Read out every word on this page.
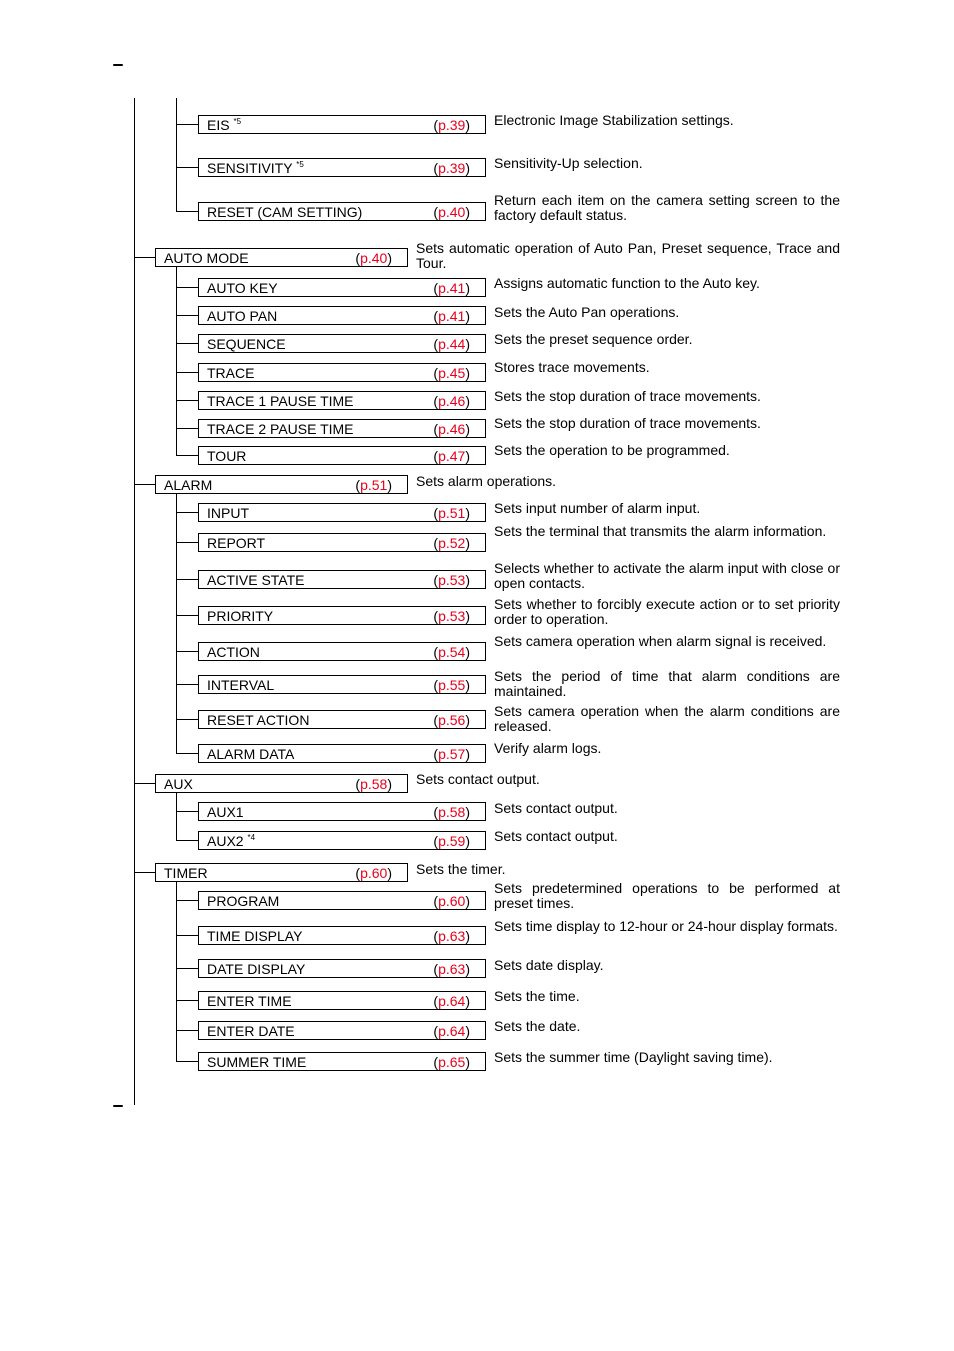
EIS $^{*5}$	(p.39) Electronic Image Stabilization settings.
SENSITIVITY $^{*5}$	(p.39) Sensitivity-Up selection.
RESET (CAM SETTING)	(p.40)
Return each item on the camera setting screen to the factory default status.
AUTO MODE	(p.40)
Sets automatic operation of Auto Pan, Preset sequence, Trace and Tour.
AUTO KEY	(p.41) Assigns automatic function to the Auto key.
AUTO PAN	(p.41) Sets the Auto Pan operations.
SEQUENCE	(p.44) Sets the preset sequence order.
TRACE	(p.45) Stores trace movements.
TRACE 1 PAUSE TIME	(p.46) Sets the stop duration of trace movements.
TRACE 2 PAUSE TIME	(p.46) Sets the stop duration of trace movements.
TOUR	(p.47) Sets the operation to be programmed.
ALARM	(p.51) Sets alarm operations.
INPUT	(p.51) Sets input number of alarm input.
REPORT	(p.52)
Sets the terminal that transmits the alarm information.
ACTIVE STATE	(p.53)
Selects whether to activate the alarm input with close or open contacts.
PRIORITY	(p.53)
Sets whether to forcibly execute action or to set priority order to operation.
ACTION	(p.54)
Sets camera operation when alarm signal is received.
INTERVAL	(p.55)
Sets the period of time that alarm conditions are maintained.
RESET ACTION	(p.56)
Sets camera operation when the alarm conditions are released.
ALARM DATA	(p.57) Verify alarm logs.
AUX	(p.58) Sets contact output.
AUX1	(p.58) Sets contact output.
AUX2 $^{*4}$	(p.59) Sets contact output.
TIMER	(p.60) Sets the timer.
PROGRAM	(p.60)
Sets predetermined operations to be performed at preset times.
TIME DISPLAY	(p.63)
Sets time display to 12-hour or 24-hour display formats.
DATE DISPLAY	(p.63) Sets date display.
ENTER TIME	(p.64) Sets the time.
ENTER DATE	(p.64) Sets the date.
SUMMER TIME	(p.65) Sets the summer time (Daylight saving time).
